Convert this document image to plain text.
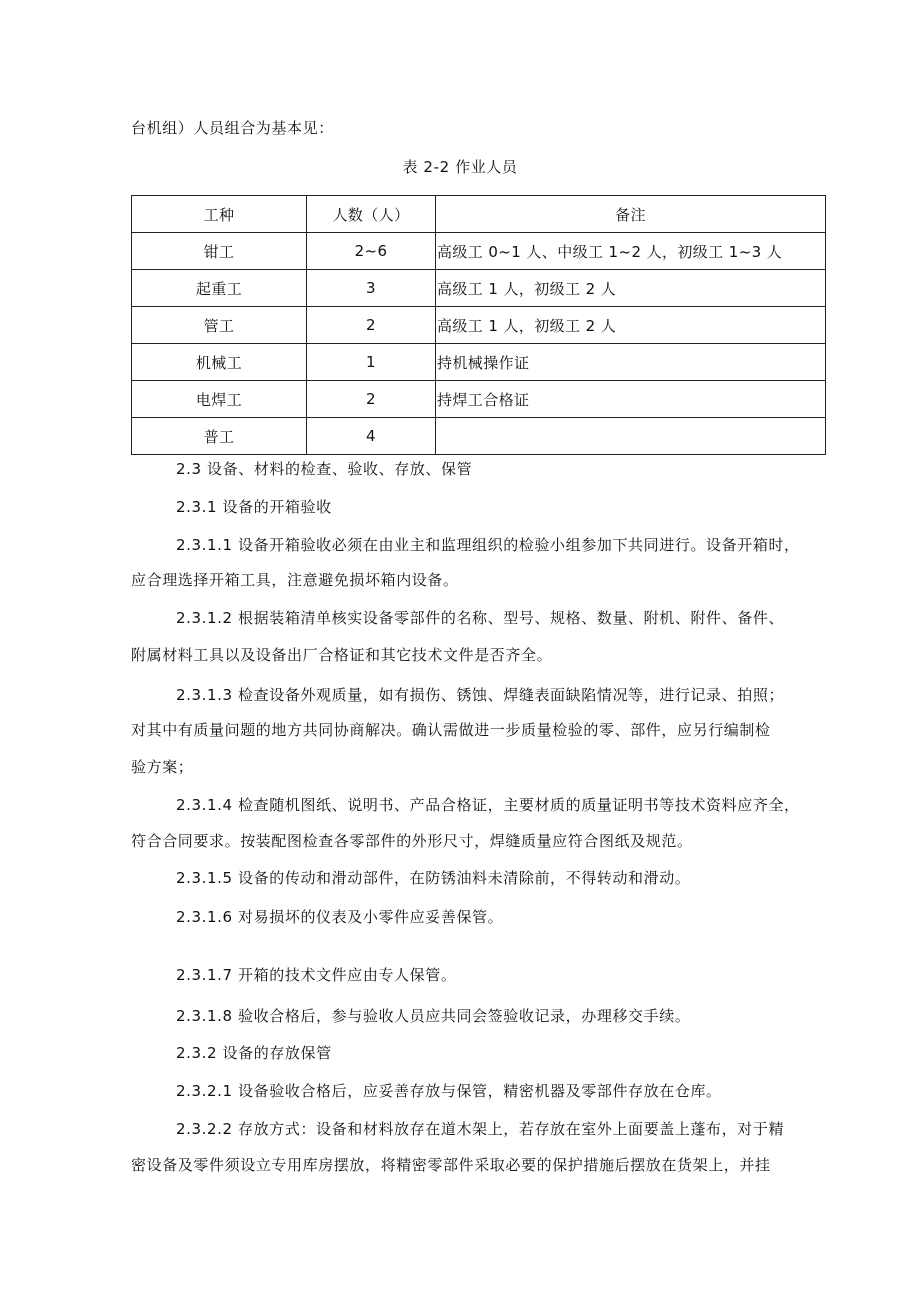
台机组）人员组合为基本见：
表 2-2 作业人员
工种	人数（人）	备注
钳工	2~6	高级工 0~1 人、中级工 1~2 人，初级工 1~3 人
起重工	3	高级工 1 人，初级工 2 人
管工	2	高级工 1 人，初级工 2 人
机械工	1	持机械操作证
电焊工	2	持焊工合格证
普工	4	
2.3 设备、材料的检查、验收、存放、保管
2.3.1 设备的开箱验收
2.3.1.1 设备开箱验收必须在由业主和监理组织的检验小组参加下共同进行。设备开箱时，
应合理选择开箱工具，注意避免损坏箱内设备。
2.3.1.2 根据装箱清单核实设备零部件的名称、型号、规格、数量、附机、附件、备件、
附属材料工具以及设备出厂合格证和其它技术文件是否齐全。
2.3.1.3 检查设备外观质量，如有损伤、锈蚀、焊缝表面缺陷情况等，进行记录、拍照；
对其中有质量问题的地方共同协商解决。确认需做进一步质量检验的零、部件，应另行编制检
验方案；
2.3.1.4 检查随机图纸、说明书、产品合格证，主要材质的质量证明书等技术资料应齐全，
符合合同要求。按装配图检查各零部件的外形尺寸，焊缝质量应符合图纸及规范。
2.3.1.5 设备的传动和滑动部件，在防锈油料未清除前，不得转动和滑动。
2.3.1.6 对易损坏的仪表及小零件应妥善保管。
2.3.1.7 开箱的技术文件应由专人保管。
2.3.1.8 验收合格后，参与验收人员应共同会签验收记录，办理移交手续。
2.3.2 设备的存放保管
2.3.2.1 设备验收合格后，应妥善存放与保管，精密机器及零部件存放在仓库。
2.3.2.2 存放方式：设备和材料放存在道木架上，若存放在室外上面要盖上蓬布，对于精
密设备及零件须设立专用库房摆放，将精密零部件采取必要的保护措施后摆放在货架上，并挂
